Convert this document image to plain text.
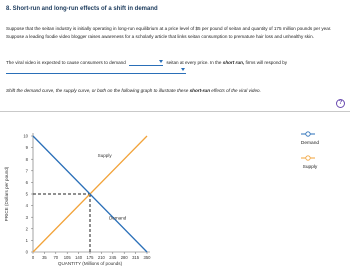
8. Short-run and long-run effects of a shift in demand
Suppose that the seitan industry is initially operating in long-run equilibrium at a price level of $5 per pound of seitan and quantity of 175 million pounds per year. Suppose a leading foodie video blogger raises awareness for a scholarly article that links seitan consumption to premature hair loss and unhealthy skin.
The viral video is expected to cause consumers to demand	seitan at every price. In the short run, firms will respond by
Shift the demand curve, the supply curve, or both on the following graph to illustrate these short-run effects of the viral video.
?
0
1
2
3
4
5
6
7
8
9
10
0 35 70 105 140 175 210 245 280 315 350
QUANTITY (Millions of pounds)
PRICE (Dollars per pound)
Supply
Demand
Demand
Supply
